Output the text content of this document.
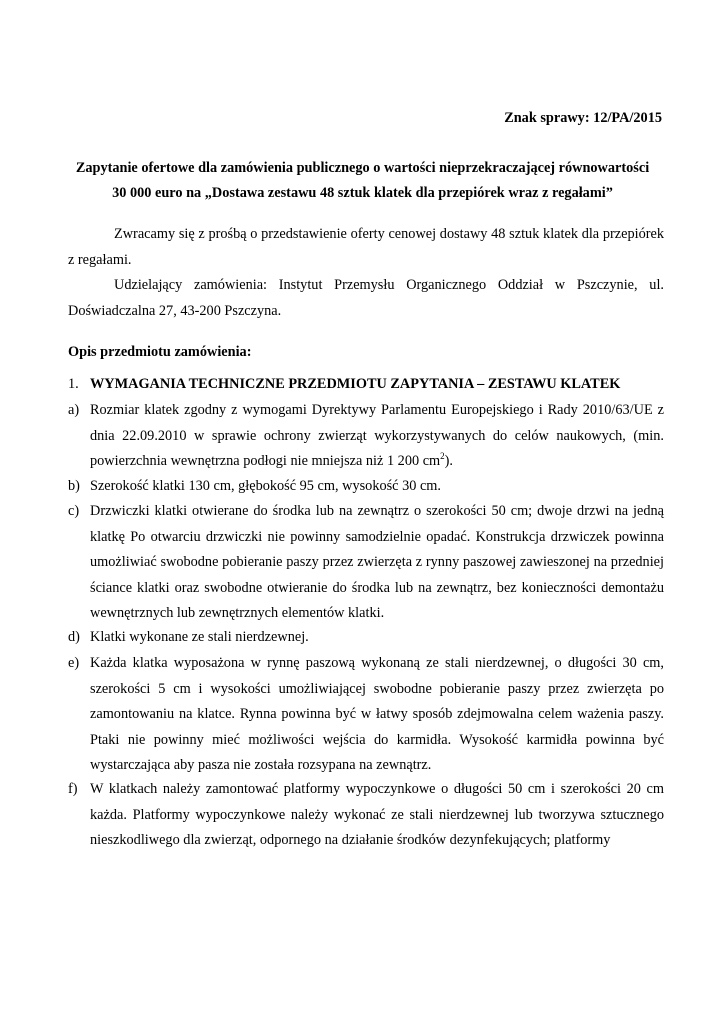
Znak sprawy: 12/PA/2015
Zapytanie ofertowe dla zamówienia publicznego o wartości nieprzekraczającej równowartości
30 000 euro na „Dostawa zestawu 48 sztuk klatek dla przepiórek wraz z regałami”
Zwracamy się z prośbą o przedstawienie oferty cenowej dostawy 48 sztuk klatek dla przepiórek z regałami.
Udzielający zamówienia: Instytut Przemysłu Organicznego Oddział w Pszczynie, ul. Doświadczalna 27, 43-200 Pszczyna.
Opis przedmiotu zamówienia:
1. WYMAGANIA TECHNICZNE PRZEDMIOTU ZAPYTANIA – ZESTAWU KLATEK
a) Rozmiar klatek zgodny z wymogami Dyrektywy Parlamentu Europejskiego i Rady 2010/63/UE z dnia 22.09.2010 w sprawie ochrony zwierząt wykorzystywanych do celów naukowych, (min. powierzchnia wewnętrzna podłogi nie mniejsza niż 1 200 $cm^2$).
b) Szerokość klatki 130 cm, głębokość 95 cm, wysokość 30 cm.
c) Drzwiczki klatki otwierane do środka lub na zewnątrz o szerokości 50 cm; dwoje drzwi na jedną klatkę Po otwarciu drzwiczki nie powinny samodzielnie opadać. Konstrukcja drzwiczek powinna umożliwiać swobodne pobieranie paszy przez zwierzęta z rynny paszowej zawieszonej na przedniej ściance klatki oraz swobodne otwieranie do środka lub na zewnątrz, bez konieczności demontażu wewnętrznych lub zewnętrznych elementów klatki.
d) Klatki wykonane ze stali nierdzewnej.
e) Każda klatka wyposażona w rynnę paszową wykonaną ze stali nierdzewnej, o długości 30 cm, szerokości 5 cm i wysokości umożliwiającej swobodne pobieranie paszy przez zwierzęta po zamontowaniu na klatce. Rynna powinna być w łatwy sposób zdejmowalna celem ważenia paszy. Ptaki nie powinny mieć możliwości wejścia do karmidła. Wysokość karmidła powinna być wystarczająca aby pasza nie została rozsypana na zewnątrz.
f) W klatkach należy zamontować platformy wypoczynkowe o długości 50 cm i szerokości 20 cm każda. Platformy wypoczynkowe należy wykonać ze stali nierdzewnej lub tworzywa sztucznego nieszkodliwego dla zwierząt, odpornego na działanie środków dezynfekujących; platformy
